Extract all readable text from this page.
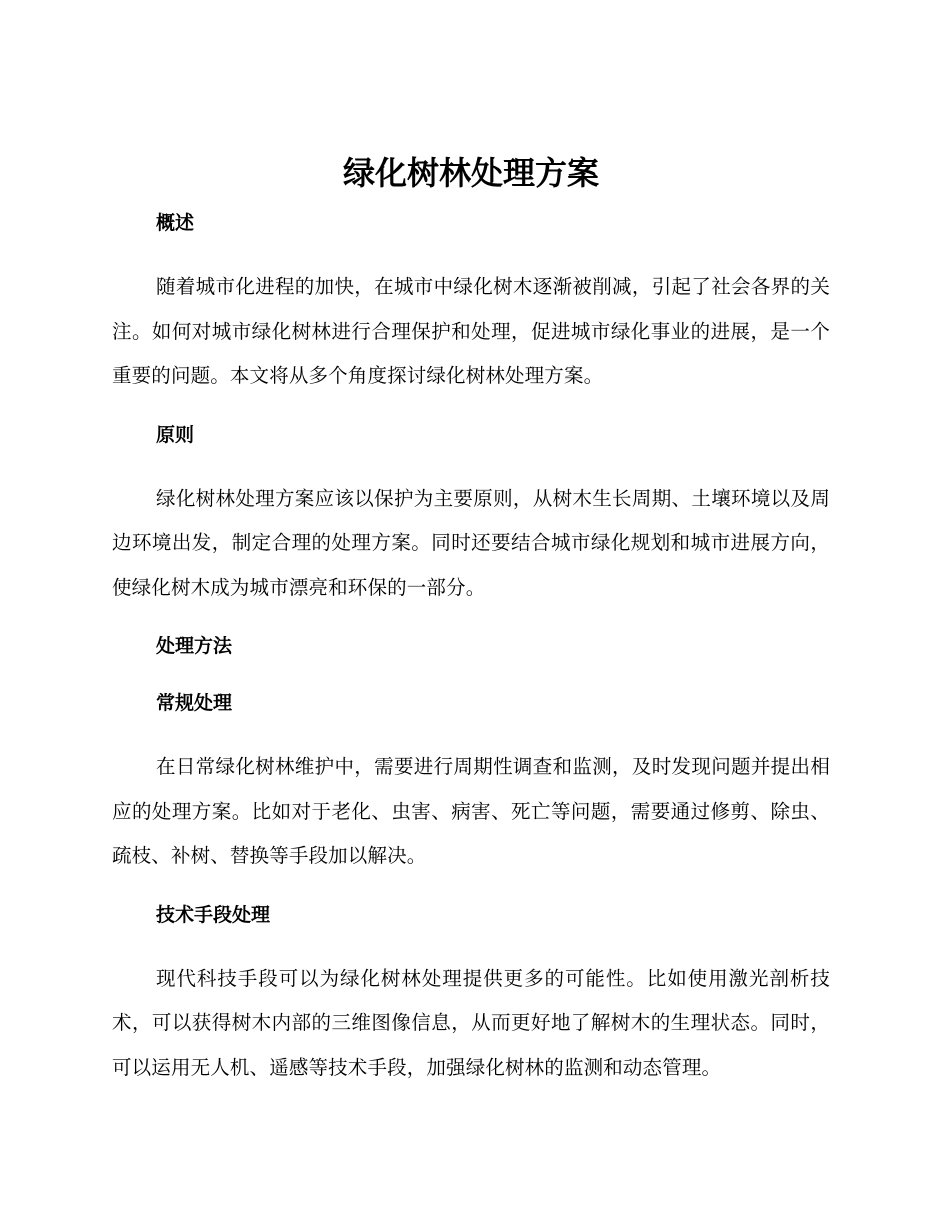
绿化树林处理方案
概述

随着城市化进程的加快，在城市中绿化树木逐渐被削减，引起了社会各界的关注。如何对城市绿化树林进行合理保护和处理，促进城市绿化事业的进展，是一个重要的问题。本文将从多个角度探讨绿化树林处理方案。

原则

绿化树林处理方案应该以保护为主要原则，从树木生长周期、土壤环境以及周边环境出发，制定合理的处理方案。同时还要结合城市绿化规划和城市进展方向，使绿化树木成为城市漂亮和环保的一部分。

处理方法
常规处理

在日常绿化树林维护中，需要进行周期性调查和监测，及时发现问题并提出相应的处理方案。比如对于老化、虫害、病害、死亡等问题，需要通过修剪、除虫、疏枝、补树、替换等手段加以解决。

技术手段处理

现代科技手段可以为绿化树林处理提供更多的可能性。比如使用激光剖析技术，可以获得树木内部的三维图像信息，从而更好地了解树木的生理状态。同时，可以运用无人机、遥感等技术手段，加强绿化树林的监测和动态管理。
